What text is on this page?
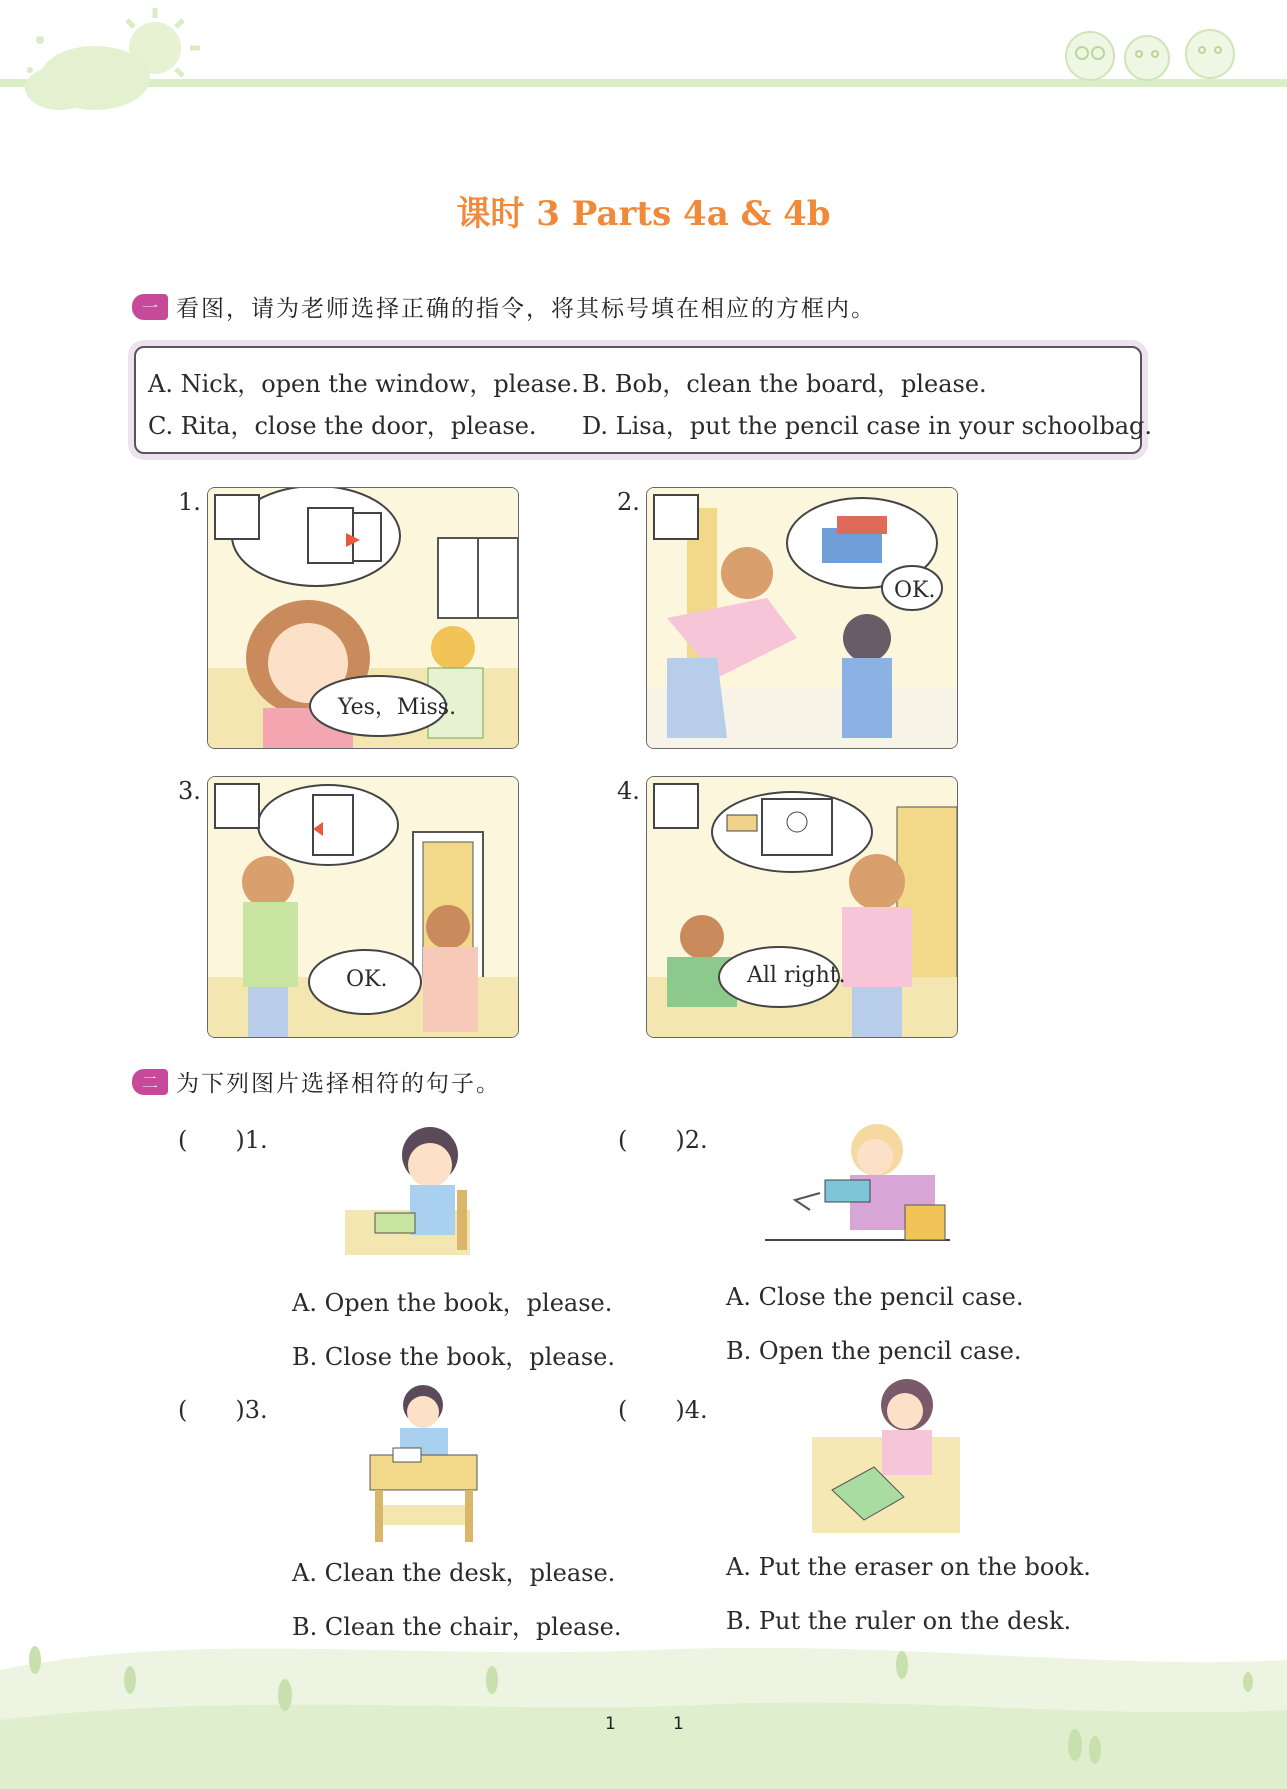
课时 3 Parts 4a & 4b
一 看图，请为老师选择正确的指令，将其标号填在相应的方框内。
A. Nick，open the window，please. B. Bob，clean the board，please.
C. Rita，close the door，please. D. Lisa，put the pencil case in your schoolbag.
1.
Yes，Miss.
2.
OK.
3.
OK.
4.
All right.
二 为下列图片选择相符的句子。
(　　)1.
A. Open the book，please.
B. Close the book，please.
(　　)2.
A. Close the pencil case.
B. Open the pencil case.
(　　)3.
A. Clean the desk，please.
B. Clean the chair，please.
(　　)4.
A. Put the eraser on the book.
B. Put the ruler on the desk.
1	1
